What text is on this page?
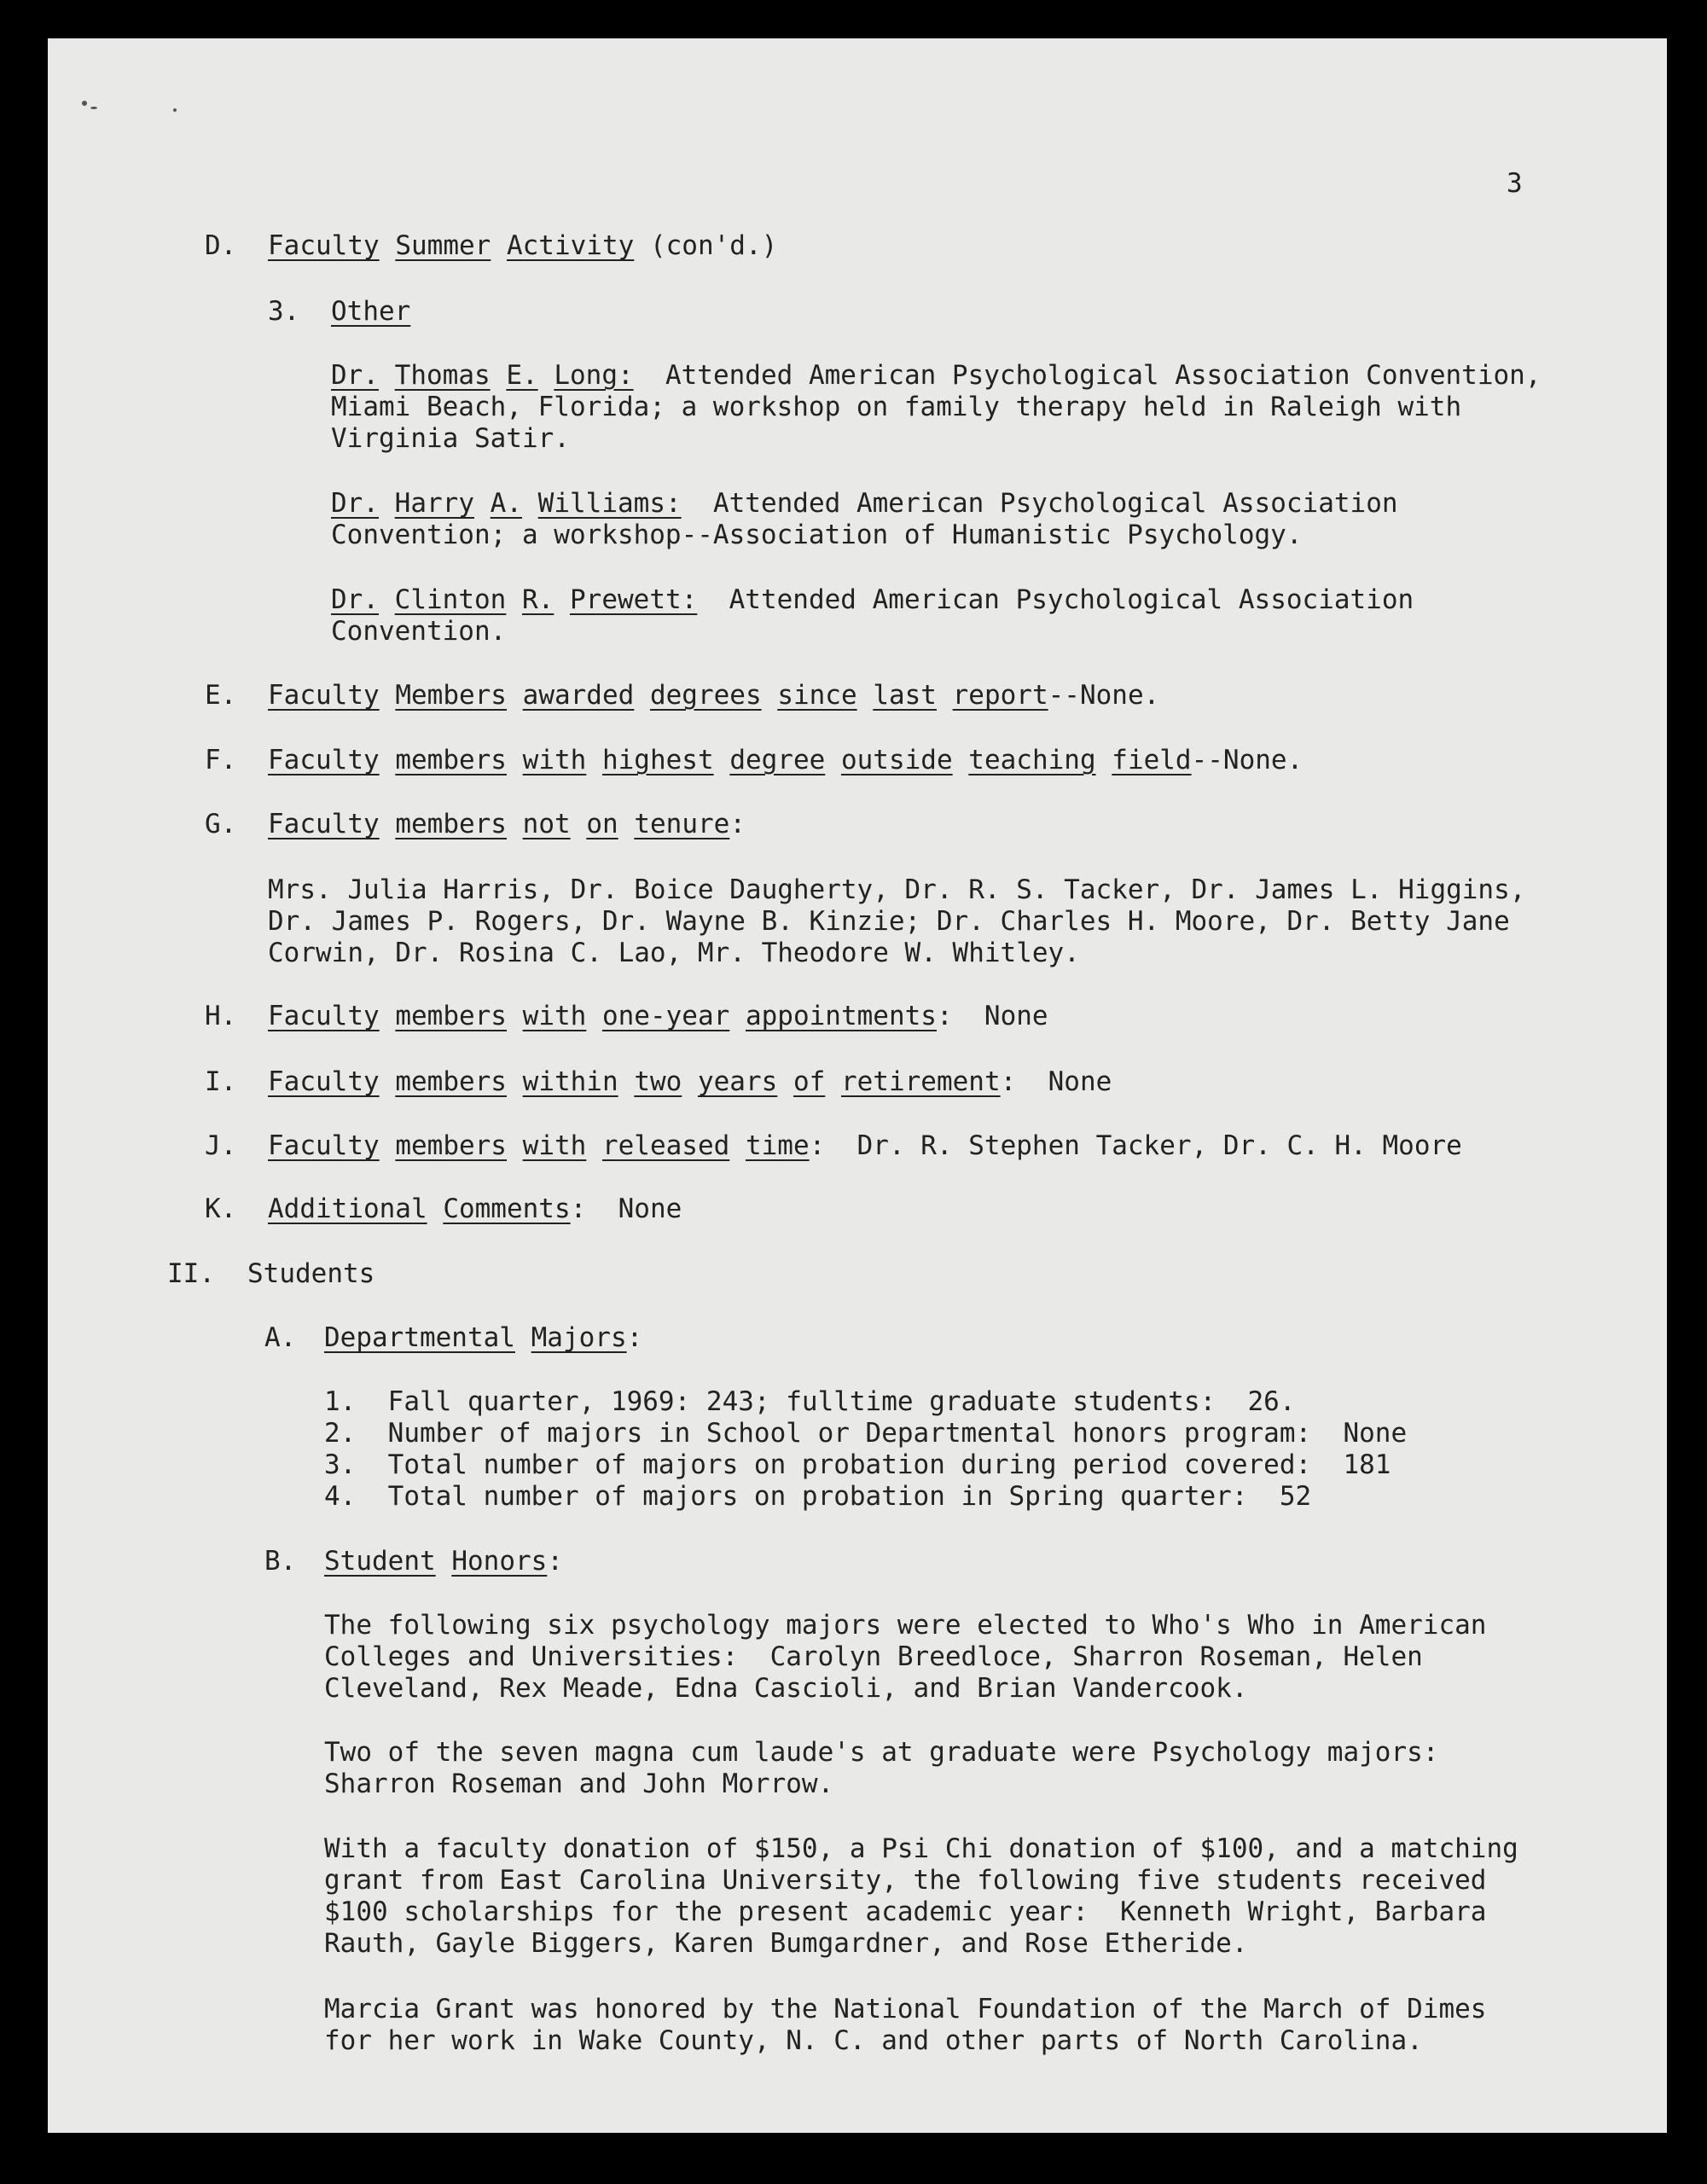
3
D. Faculty Summer Activity (con'd.)
3. Other
Dr. Thomas E. Long: Attended American Psychological Association Convention,
Miami Beach, Florida; a workshop on family therapy held in Raleigh with
Virginia Satir.
Dr. Harry A. Williams: Attended American Psychological Association
Convention; a workshop--Association of Humanistic Psychology.
Dr. Clinton R. Prewett: Attended American Psychological Association
Convention.
E. Faculty Members awarded degrees since last report--None.
F. Faculty members with highest degree outside teaching field--None.
G. Faculty members not on tenure:
Mrs. Julia Harris, Dr. Boice Daugherty, Dr. R. S. Tacker, Dr. James L. Higgins,
Dr. James P. Rogers, Dr. Wayne B. Kinzie; Dr. Charles H. Moore, Dr. Betty Jane
Corwin, Dr. Rosina C. Lao, Mr. Theodore W. Whitley.
H. Faculty members with one-year appointments:  None
I. Faculty members within two years of retirement:  None
J. Faculty members with released time:  Dr. R. Stephen Tacker, Dr. C. H. Moore
K. Additional Comments:  None
II. Students
A. Departmental Majors:
1.  Fall quarter, 1969: 243; fulltime graduate students:  26.
2.  Number of majors in School or Departmental honors program:  None
3.  Total number of majors on probation during period covered:  181
4.  Total number of majors on probation in Spring quarter:  52
B. Student Honors:
The following six psychology majors were elected to Who's Who in American
Colleges and Universities:  Carolyn Breedloce, Sharron Roseman, Helen
Cleveland, Rex Meade, Edna Cascioli, and Brian Vandercook.
Two of the seven magna cum laude's at graduate were Psychology majors:
Sharron Roseman and John Morrow.
With a faculty donation of $150, a Psi Chi donation of $100, and a matching
grant from East Carolina University, the following five students received
$100 scholarships for the present academic year:  Kenneth Wright, Barbara
Rauth, Gayle Biggers, Karen Bumgardner, and Rose Etheride.
Marcia Grant was honored by the National Foundation of the March of Dimes
for her work in Wake County, N. C. and other parts of North Carolina.
